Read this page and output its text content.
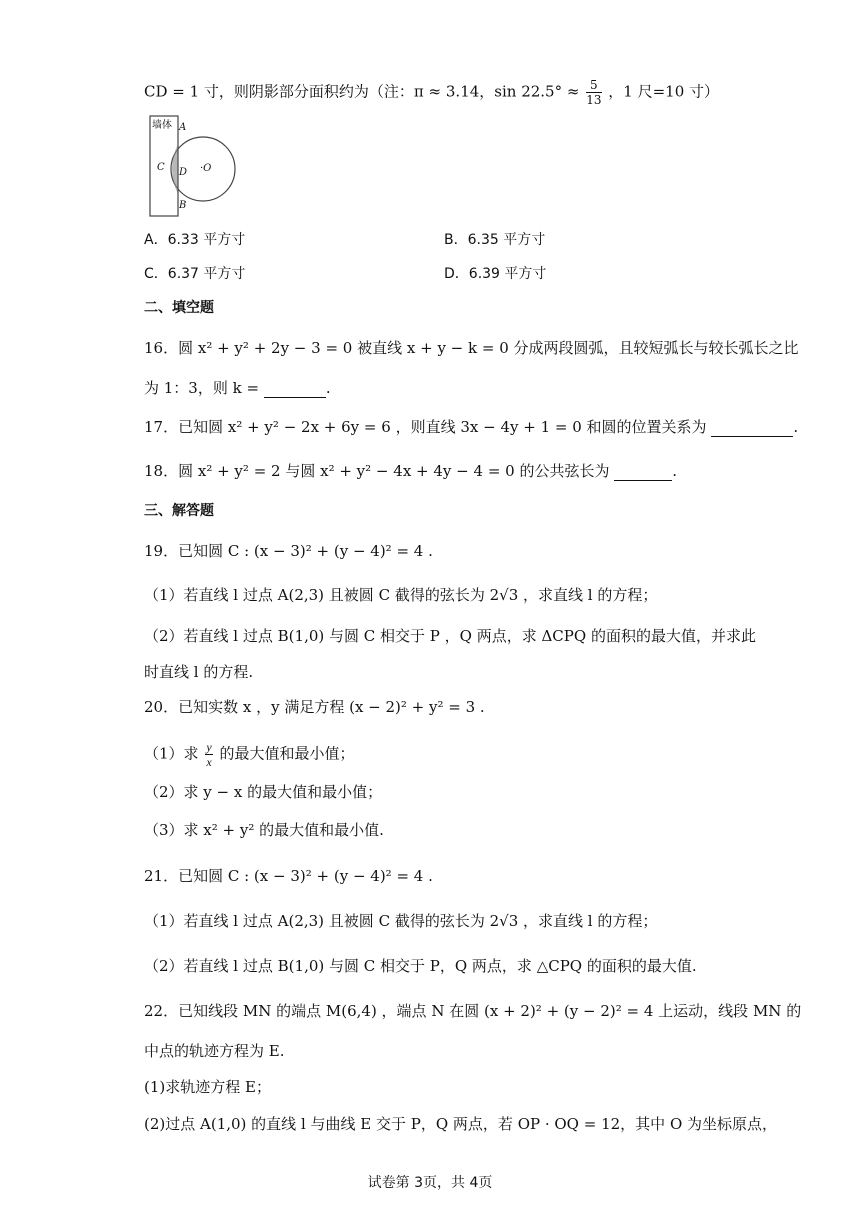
CD = 1 寸，则阴影部分面积约为（注：π ≈ 3.14，$\sin 22.5^\circ \approx \frac{5}{13}$ ，1 尺=10 寸）
墙体 A
C D ·O
B
A．6.33 平方寸	B．6.35 平方寸
C．6.37 平方寸	D．6.39 平方寸
二、填空题
16．圆 x² + y² + 2y − 3 = 0 被直线 x + y − k = 0 分成两段圆弧，且较短弧长与较长弧长之比
为 1：3，则 k =	.
17．已知圆 x² + y² − 2x + 6y = 6 ，则直线 3x − 4y + 1 = 0 和圆的位置关系为	.
18．圆 x² + y² = 2 与圆 x² + y² − 4x + 4y − 4 = 0 的公共弦长为	.
三、解答题
19．已知圆 C : (x − 3)² + (y − 4)² = 4 .
（1）若直线 l 过点 A(2,3) 且被圆 C 截得的弦长为 2√3 ，求直线 l 的方程；
（2）若直线 l 过点 B(1,0) 与圆 C 相交于 P ，Q 两点，求 ΔCPQ 的面积的最大值，并求此
时直线 l 的方程.
20．已知实数 x ，y 满足方程 (x − 2)² + y² = 3 .
（1）求 $\frac{y}{x}$ 的最大值和最小值；
（2）求 y − x 的最大值和最小值；
（3）求 x² + y² 的最大值和最小值.
21．已知圆 C : (x − 3)² + (y − 4)² = 4 .
（1）若直线 l 过点 A(2,3) 且被圆 C 截得的弦长为 2√3 ，求直线 l 的方程；
（2）若直线 l 过点 B(1,0) 与圆 C 相交于 P，Q 两点，求 △CPQ 的面积的最大值.
22．已知线段 MN 的端点 M(6,4) ，端点 N 在圆 (x + 2)² + (y − 2)² = 4 上运动，线段 MN 的
中点的轨迹方程为 E.
(1)求轨迹方程 E；
(2)过点 A(1,0) 的直线 l 与曲线 E 交于 P，Q 两点，若 OP · OQ = 12，其中 O 为坐标原点，
试卷第 3页，共 4页
